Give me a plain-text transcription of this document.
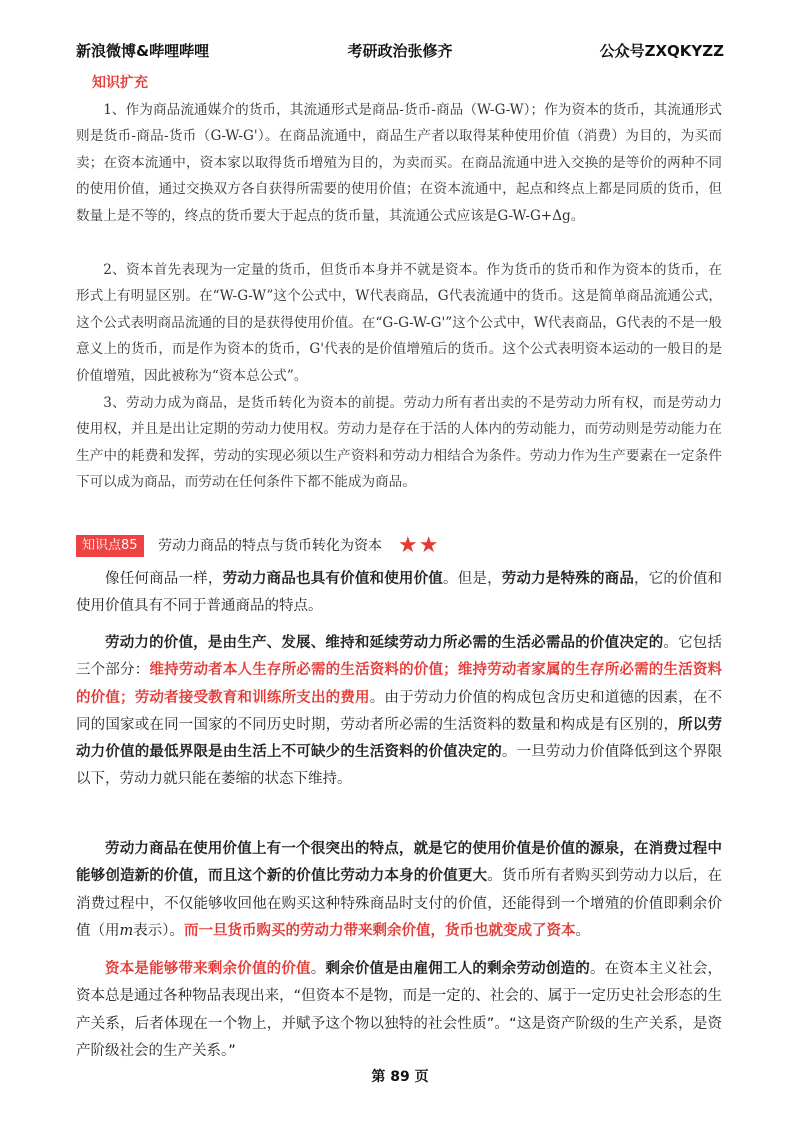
新浪微博&哔哩哔哩	考研政治张修齐	公众号ZXQKYZZ
知识扩充

1、作为商品流通媒介的货币，其流通形式是商品-货币-商品（W-G-W）；作为资本的货币，其流通形式则是货币-商品-货币（G-W-G'）。在商品流通中，商品生产者以取得某种使用价值（消费）为目的，为买而卖；在资本流通中，资本家以取得货币增殖为目的，为卖而买。在商品流通中进入交换的是等价的两种不同的使用价值，通过交换双方各自获得所需要的使用价值；在资本流通中，起点和终点上都是同质的货币，但数量上是不等的，终点的货币要大于起点的货币量，其流通公式应该是G-W-G+Δg。

2、资本首先表现为一定量的货币，但货币本身并不就是资本。作为货币的货币和作为资本的货币，在形式上有明显区别。在“W-G-W”这个公式中，W代表商品，G代表流通中的货币。这是简单商品流通公式，这个公式表明商品流通的目的是获得使用价值。在“G-G-W-G'”这个公式中，W代表商品，G代表的不是一般意义上的货币，而是作为资本的货币，G'代表的是价值增殖后的货币。这个公式表明资本运动的一般目的是价值增殖，因此被称为“资本总公式”。

3、劳动力成为商品，是货币转化为资本的前提。劳动力所有者出卖的不是劳动力所有权，而是劳动力使用权，并且是出让定期的劳动力使用权。劳动力是存在于活的人体内的劳动能力，而劳动则是劳动能力在生产中的耗费和发挥，劳动的实现必须以生产资料和劳动力相结合为条件。劳动力作为生产要素在一定条件下可以成为商品，而劳动在任何条件下都不能成为商品。

知识点85	劳动力商品的特点与货币转化为资本 ★★

像任何商品一样，劳动力商品也具有价值和使用价值。但是，劳动力是特殊的商品，它的价值和使用价值具有不同于普通商品的特点。

劳动力的价值，是由生产、发展、维持和延续劳动力所必需的生活必需品的价值决定的。它包括三个部分：维持劳动者本人生存所必需的生活资料的价值；维持劳动者家属的生存所必需的生活资料的价值；劳动者接受教育和训练所支出的费用。由于劳动力价值的构成包含历史和道德的因素，在不同的国家或在同一国家的不同历史时期，劳动者所必需的生活资料的数量和构成是有区别的，所以劳动力价值的最低界限是由生活上不可缺少的生活资料的价值决定的。一旦劳动力价值降低到这个界限以下，劳动力就只能在萎缩的状态下维持。

劳动力商品在使用价值上有一个很突出的特点，就是它的使用价值是价值的源泉，在消费过程中能够创造新的价值，而且这个新的价值比劳动力本身的价值更大。货币所有者购买到劳动力以后，在消费过程中，不仅能够收回他在购买这种特殊商品时支付的价值，还能得到一个增殖的价值即剩余价值（用m表示）。而一旦货币购买的劳动力带来剩余价值，货币也就变成了资本。

资本是能够带来剩余价值的价值。剩余价值是由雇佣工人的剩余劳动创造的。在资本主义社会，资本总是通过各种物品表现出来，“但资本不是物，而是一定的、社会的、属于一定历史社会形态的生产关系，后者体现在一个物上，并赋予这个物以独特的社会性质”。“这是资产阶级的生产关系，是资产阶级社会的生产关系。”

第 89 页
